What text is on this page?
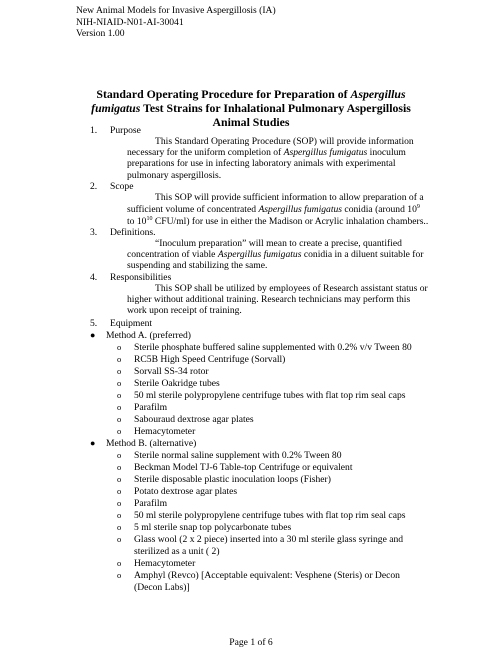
New Animal Models for Invasive Aspergillosis (IA)
NIH-NIAID-N01-AI-30041
Version 1.00
Standard Operating Procedure for Preparation of Aspergillus
fumigatus Test Strains for Inhalational Pulmonary Aspergillosis
Animal Studies
1.	Purpose
This Standard Operating Procedure (SOP) will provide information
necessary for the uniform completion of Aspergillus fumigatus inoculum
preparations for use in infecting laboratory animals with experimental
pulmonary aspergillosis.
2.	Scope
This SOP will provide sufficient information to allow preparation of a
sufficient volume of concentrated Aspergillus fumigatus conidia (around $10^9$
to $10^{10}$ CFU/ml) for use in either the Madison or Acrylic inhalation chambers..
3.	Definitions.
“Inoculum preparation” will mean to create a precise, quantified
concentration of viable Aspergillus fumigatus conidia in a diluent suitable for
suspending and stabilizing the same.
4.	Responsibilities
This SOP shall be utilized by employees of Research assistant status or
higher without additional training. Research technicians may perform this
work upon receipt of training.
5.	Equipment
● Method A. (preferred)
o Sterile phosphate buffered saline supplemented with 0.2% v/v Tween 80
o RC5B High Speed Centrifuge (Sorvall)
o Sorvall SS-34 rotor
o Sterile Oakridge tubes
o 50 ml sterile polypropylene centrifuge tubes with flat top rim seal caps
o Parafilm
o Sabouraud dextrose agar plates
o Hemacytometer
● Method B. (alternative)
o Sterile normal saline supplement with 0.2% Tween 80
o Beckman Model TJ-6 Table-top Centrifuge or equivalent
o Sterile disposable plastic inoculation loops (Fisher)
o Potato dextrose agar plates
o Parafilm
o 50 ml sterile polypropylene centrifuge tubes with flat top rim seal caps
o 5 ml sterile snap top polycarbonate tubes
o Glass wool (2 x 2 piece) inserted into a 30 ml sterile glass syringe and
sterilized as a unit ( 2)
o Hemacytometer
o Amphyl (Revco) [Acceptable equivalent: Vesphene (Steris) or Decon
(Decon Labs)]
Page 1 of 6
